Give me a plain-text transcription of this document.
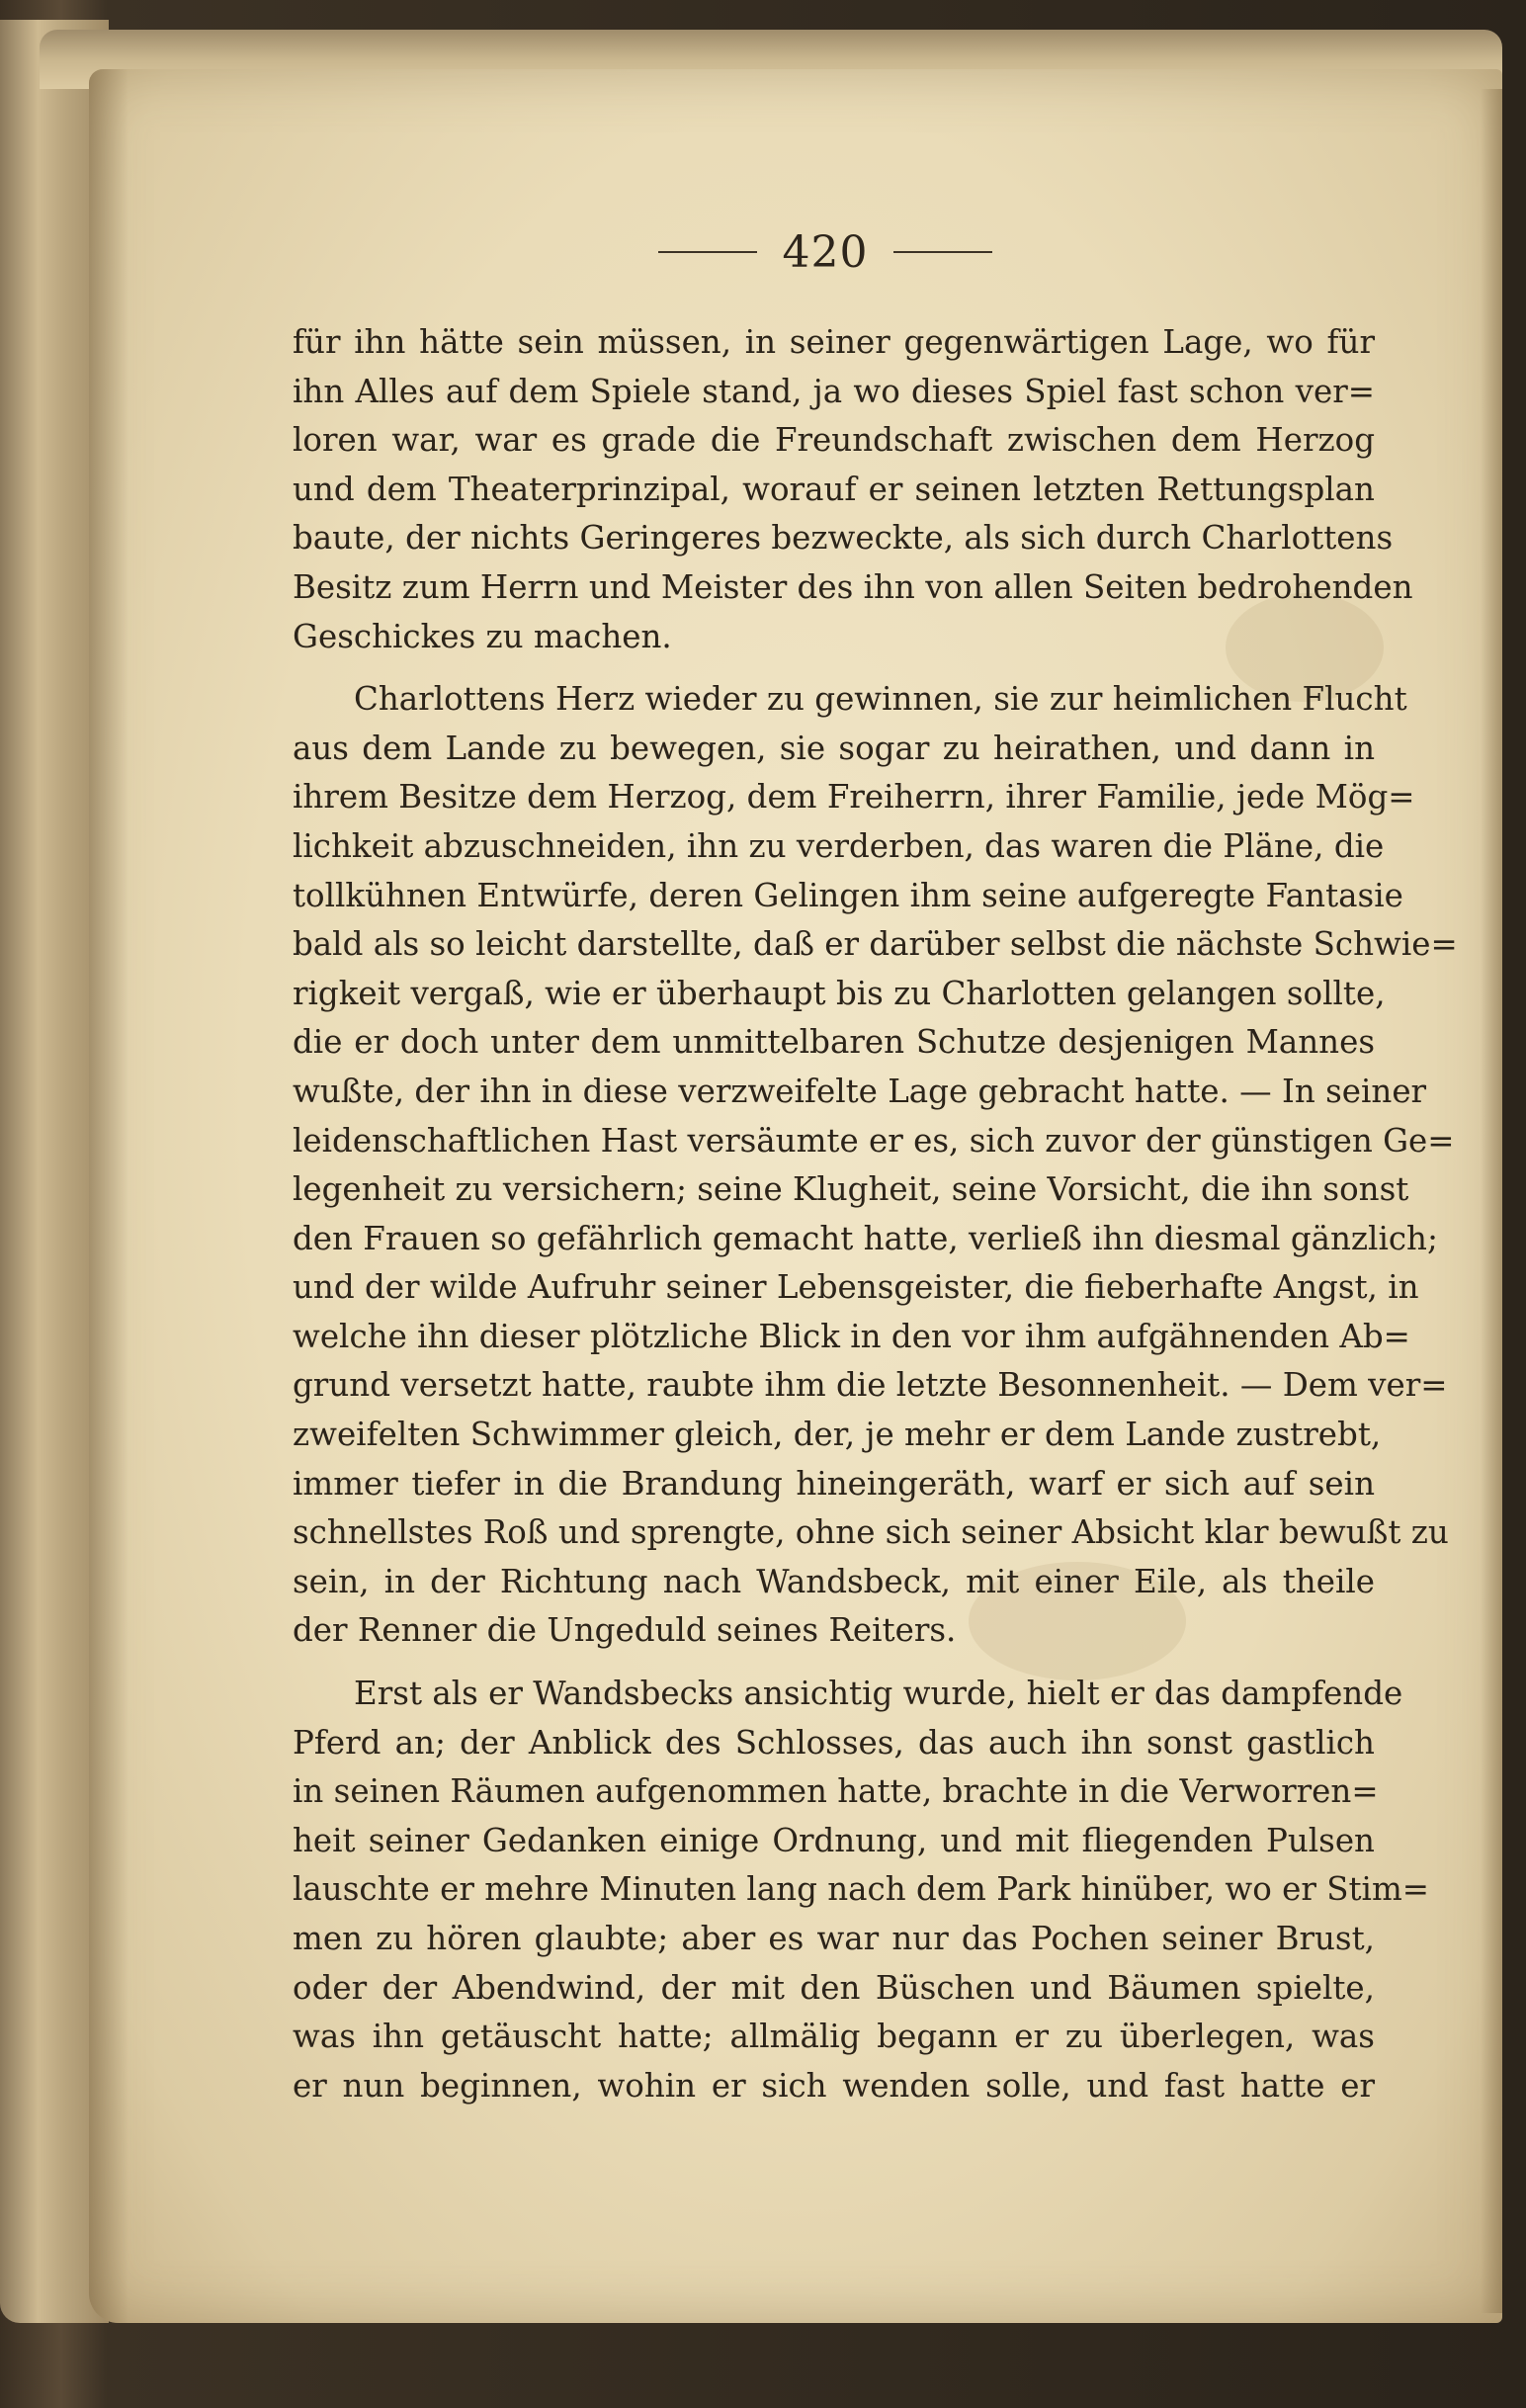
420
für ihn hätte sein müssen, in seiner gegenwärtigen Lage, wo für
ihn Alles auf dem Spiele stand, ja wo dieses Spiel fast schon ver=
loren war, war es grade die Freundschaft zwischen dem Herzog
und dem Theaterprinzipal, worauf er seinen letzten Rettungsplan
baute, der nichts Geringeres bezweckte, als sich durch Charlottens
Besitz zum Herrn und Meister des ihn von allen Seiten bedrohenden
Geschickes zu machen.
Charlottens Herz wieder zu gewinnen, sie zur heimlichen Flucht
aus dem Lande zu bewegen, sie sogar zu heirathen, und dann in
ihrem Besitze dem Herzog, dem Freiherrn, ihrer Familie, jede Mög=
lichkeit abzuschneiden, ihn zu verderben, das waren die Pläne, die
tollkühnen Entwürfe, deren Gelingen ihm seine aufgeregte Fantasie
bald als so leicht darstellte, daß er darüber selbst die nächste Schwie=
rigkeit vergaß, wie er überhaupt bis zu Charlotten gelangen sollte,
die er doch unter dem unmittelbaren Schutze desjenigen Mannes
wußte, der ihn in diese verzweifelte Lage gebracht hatte. — In seiner
leidenschaftlichen Hast versäumte er es, sich zuvor der günstigen Ge=
legenheit zu versichern; seine Klugheit, seine Vorsicht, die ihn sonst
den Frauen so gefährlich gemacht hatte, verließ ihn diesmal gänzlich;
und der wilde Aufruhr seiner Lebensgeister, die fieberhafte Angst, in
welche ihn dieser plötzliche Blick in den vor ihm aufgähnenden Ab=
grund versetzt hatte, raubte ihm die letzte Besonnenheit. — Dem ver=
zweifelten Schwimmer gleich, der, je mehr er dem Lande zustrebt,
immer tiefer in die Brandung hineingeräth, warf er sich auf sein
schnellstes Roß und sprengte, ohne sich seiner Absicht klar bewußt zu
sein, in der Richtung nach Wandsbeck, mit einer Eile, als theile
der Renner die Ungeduld seines Reiters.
Erst als er Wandsbecks ansichtig wurde, hielt er das dampfende
Pferd an; der Anblick des Schlosses, das auch ihn sonst gastlich
in seinen Räumen aufgenommen hatte, brachte in die Verworren=
heit seiner Gedanken einige Ordnung, und mit fliegenden Pulsen
lauschte er mehre Minuten lang nach dem Park hinüber, wo er Stim=
men zu hören glaubte; aber es war nur das Pochen seiner Brust,
oder der Abendwind, der mit den Büschen und Bäumen spielte,
was ihn getäuscht hatte; allmälig begann er zu überlegen, was
er nun beginnen, wohin er sich wenden solle, und fast hatte er
